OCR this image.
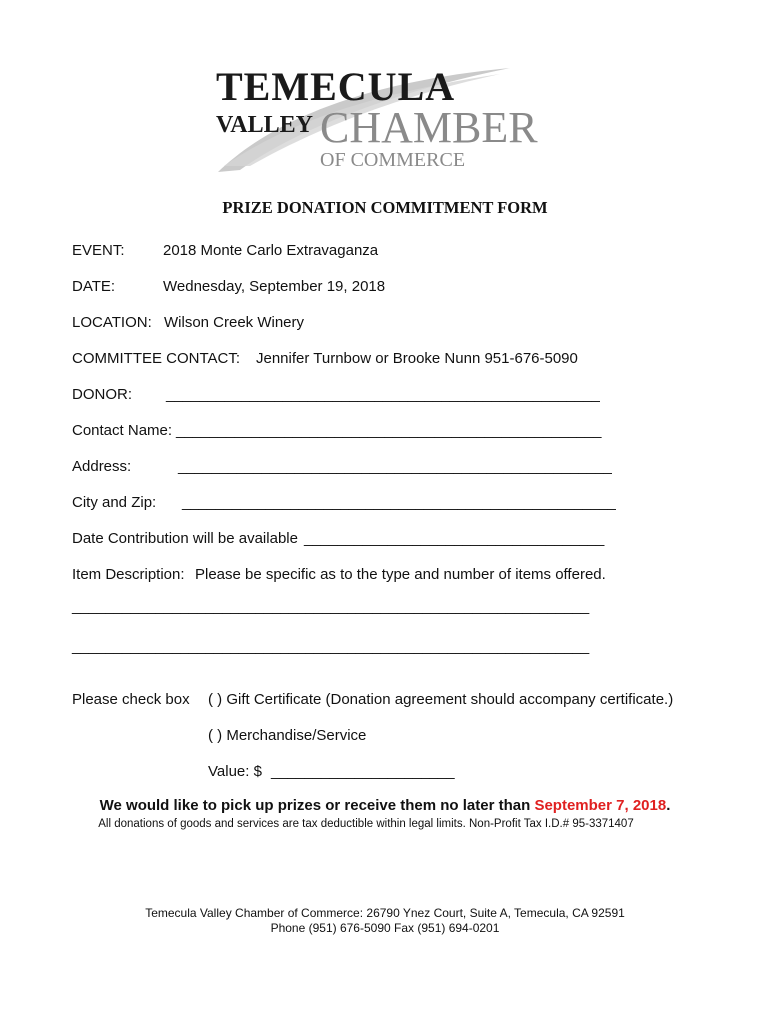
TEMECULA
VALLEY CHAMBER
OF COMMERCE
PRIZE DONATION COMMITMENT FORM
EVENT:	2018 Monte Carlo Extravaganza
DATE:	Wednesday, September 19, 2018
LOCATION: Wilson Creek Winery
COMMITTEE CONTACT: Jennifer Turnbow or Brooke Nunn 951-676-5090
DONOR: ____________________________________________________
Contact Name: ___________________________________________________
Address:	____________________________________________________
City and Zip: ____________________________________________________
Date Contribution will be available ____________________________________
Item Description: Please be specific as to the type and number of items offered.
______________________________________________________________
______________________________________________________________
Please check box ( ) Gift Certificate (Donation agreement should accompany certificate.)
( ) Merchandise/Service
Value: $ ______________________
We would like to pick up prizes or receive them no later than September 7, 2018.
All donations of goods and services are tax deductible within legal limits. Non-Profit Tax I.D.# 95-3371407
Temecula Valley Chamber of Commerce: 26790 Ynez Court, Suite A, Temecula, CA 92591
Phone (951) 676-5090 Fax (951) 694-0201
